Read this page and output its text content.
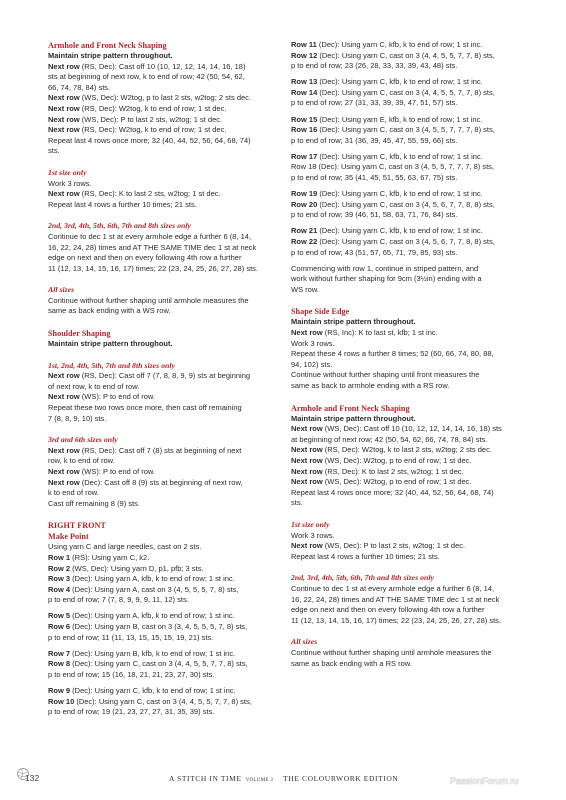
Armhole and Front Neck Shaping
Maintain stripe pattern throughout.

Next row (RS, Dec): Cast off 10 (10, 12, 12, 14, 14, 16, 18)

sts at beginning of next row, k to end of row; 42 (50, 54, 62,

66, 74, 78, 84) sts.

Next row (WS, Dec): W2tog, p to last 2 sts, w2tog; 2 sts dec.

Next row (RS, Dec): W2tog, k to end of row; 1 st dec.

Next row (WS, Dec): P to last 2 sts, w2tog; 1 st dec.

Next row (RS, Dec): W2tog, k to end of row; 1 st dec.

Repeat last 4 rows once more; 32 (40, 44, 52, 56, 64, 68, 74)

sts.

1st size only

Work 3 rows.

Next row (RS, Dec): K to last 2 sts, w2tog; 1 st dec.

Repeat last 4 rows a further 10 times; 21 sts.

2nd, 3rd, 4th, 5th, 6th, 7th and 8th sizes only

Continue to dec 1 st at every armhole edge a further 6 (8, 14,

16, 22, 24, 28) times and AT THE SAME TIME dec 1 st at neck

edge on next and then on every following 4th row a further

11 (12, 13, 14, 15, 16, 17) times; 22 (23, 24, 25, 26, 27, 28) sts.

All sizes

Continue without further shaping until armhole measures the

same as back ending with a WS row.

Shoulder Shaping
Maintain stripe pattern throughout.
1st, 2nd, 4th, 5th, 7th and 8th sizes only

Next row (RS, Dec): Cast off 7 (7, 8, 8, 9, 9) sts at beginning

of next row, k to end of row.

Next row (WS): P to end of row.

Repeat these two rows once more, then cast off remaining

7 (8, 8, 9, 10) sts.

3rd and 6th sizes only

Next row (RS, Dec): Cast off 7 (8) sts at beginning of next

row, k to end of row.

Next row (WS): P to end of row.

Next row (Dec): Cast off 8 (9) sts at beginning of next row,

k to end of row.

Cast off remaining 8 (9) sts.

RIGHT FRONT
Make Point

Using yarn C and large needles, cast on 2 sts.

Row 1 (RS): Using yarn C, k2.

Row 2 (WS, Dec): Using yarn D, p1, pfb; 3 sts.

Row 3 (Dec): Using yarn A, kfb, k to end of row; 1 st inc.

Row 4 (Dec): Using yarn A, cast on 3 (4, 5, 5, 5, 7, 8) sts,

p to end of row; 7 (7, 8, 9, 9, 9, 11, 12) sts.

Row 5 (Dec): Using yarn A, kfb, k to end of row; 1 st inc.

Row 6 (Dec): Using yarn B, cast on 3 (3, 4, 5, 5, 5, 7, 8) sts,

p to end of row; 11 (11, 13, 15, 15, 15, 19, 21) sts.

Row 7 (Dec): Using yarn B, kfb, k to end of row; 1 st inc.

Row 8 (Dec): Using yarn C, cast on 3 (4, 4, 5, 5, 7, 7, 8) sts,

p to end of row; 15 (16, 18, 21, 21, 23, 27, 30) sts.

Row 9 (Dec): Using yarn C, kfb, k to end of row; 1 st inc.

Row 10 (Dec): Using yarn C, cast on 3 (4, 4, 5, 5, 7, 7, 8) sts,

p to end of row; 19 (21, 23, 27, 27, 31, 35, 39) sts.

Row 11 (Dec): Using yarn C, kfb, k to end of row; 1 st inc.

Row 12 (Dec): Using yarn C, cast on 3 (4, 4, 5, 5, 7, 7, 8) sts,

p to end of row; 23 (26, 28, 33, 33, 39, 43, 48) sts.

Row 13 (Dec): Using yarn C, kfb, k to end of row; 1 st inc.

Row 14 (Dec): Using yarn C, cast on 3 (4, 4, 5, 5, 7, 7, 8) sts,

p to end of row; 27 (31, 33, 39, 39, 47, 51, 57) sts.

Row 15 (Dec): Using yarn E, kfb, k to end of row; 1 st inc.

Row 16 (Dec): Using yarn C, cast on 3 (4, 5, 5, 7, 7, 7, 8) sts,

p to end of row; 31 (36, 39, 45, 47, 55, 59, 66) sts.

Row 17 (Dec): Using yarn C, kfb, k to end of row; 1 st inc.

Row 18 (Dec): Using yarn C, cast on 3 (4, 5, 5, 7, 7, 7, 8) sts,

p to end of row; 35 (41, 45, 51, 55, 63, 67, 75) sts.

Row 19 (Dec): Using yarn C, kfb, k to end of row; 1 st inc.

Row 20 (Dec): Using yarn C, cast on 3 (4, 5, 6, 7, 7, 8, 8) sts,

p to end of row; 39 (46, 51, 58, 63, 71, 76, 84) sts.

Row 21 (Dec): Using yarn C, kfb, k to end of row; 1 st inc.

Row 22 (Dec): Using yarn C, cast on 3 (4, 5, 6, 7, 7, 8, 8) sts,

p to end of row; 43 (51, 57, 65, 71, 79, 85, 93) sts.

Commencing with row 1, continue in striped pattern, and

work without further shaping for 9cm (3½in) ending with a

WS row.

Shape Side Edge
Maintain stripe pattern throughout.

Next row (RS, Inc): K to last st, kfb; 1 st inc.

Work 3 rows.

Repeat these 4 rows a further 8 times; 52 (60, 66, 74, 80, 88,

94, 102) sts.

Continue without further shaping until front measures the

same as back to armhole ending with a RS row.

Armhole and Front Neck Shaping
Maintain stripe pattern throughout.

Next row (WS, Dec): Cast off 10 (10, 12, 12, 14, 14, 16, 18) sts

at beginning of next row; 42 (50, 54, 62, 66, 74, 78, 84) sts.

Next row (RS, Dec): W2tog, k to last 2 sts, w2tog; 2 sts dec.

Next row (WS, Dec): W2tog, p to end of row; 1 st dec.

Next row (RS, Dec): K to last 2 sts, w2tog; 1 st dec.

Next row (WS, Dec): W2tog, p to end of row; 1 st dec.

Repeat last 4 rows once more; 32 (40, 44, 52, 56, 64, 68, 74)

sts.

1st size only

Work 3 rows.

Next row (WS, Dec): P to last 2 sts, w2tog; 1 st dec.

Repeat last 4 rows a further 10 times; 21 sts.

2nd, 3rd, 4th, 5th, 6th, 7th and 8th sizes only

Continue to dec 1 st at every armhole edge a further 6 (8, 14,

16, 22, 24, 28) times and AT THE SAME TIME dec 1 st at neck

edge on next and then on every following 4th row a further

11 (12, 13, 14, 15, 16, 17) times; 22 (23, 24, 25, 26, 27, 28) sts.

All sizes

Continue without further shaping until armhole measures the

same as back ending with a RS row.

132	A STITCH IN TIME VOLUME 3 THE COLOURWORK EDITION	PassionForum.ru
